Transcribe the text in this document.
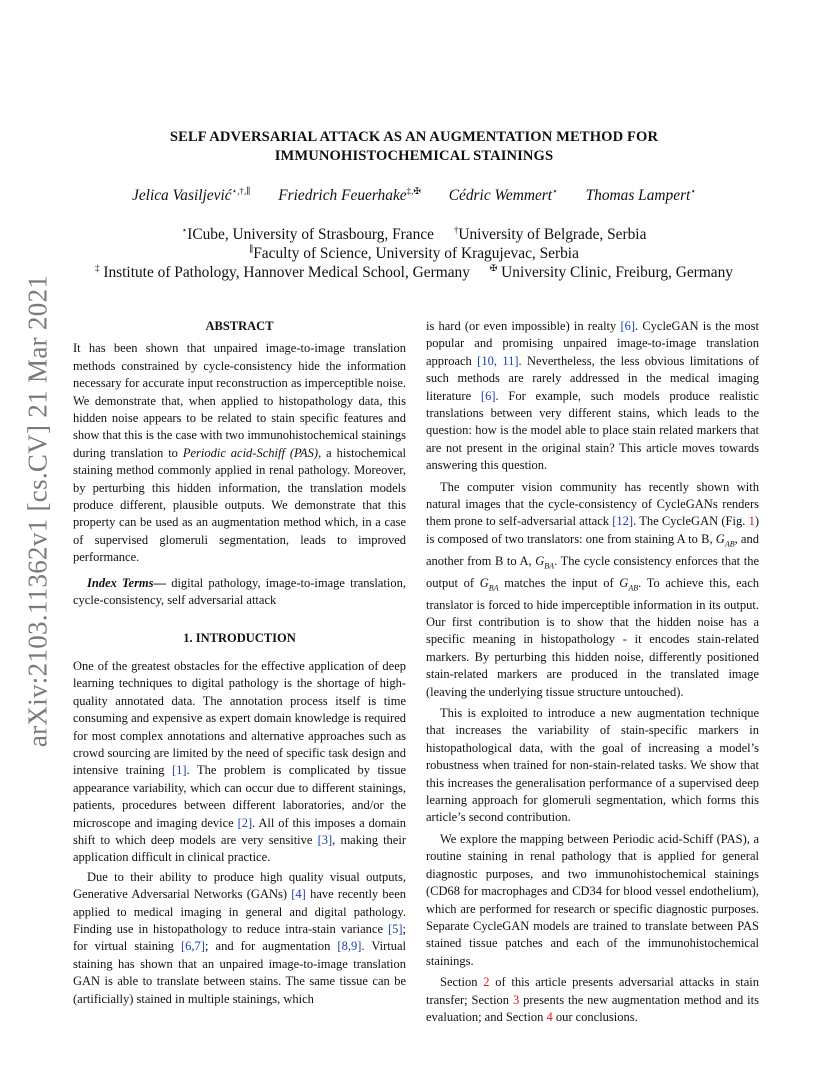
SELF ADVERSARIAL ATTACK AS AN AUGMENTATION METHOD FOR
IMMUNOHISTOCHEMICAL STAININGS
Jelica Vasiljević⋆,†,∥ Friedrich Feuerhake‡,✠ Cédric Wemmert⋆ Thomas Lampert⋆
⋆ICube, University of Strasbourg, France †University of Belgrade, Serbia
∥Faculty of Science, University of Kragujevac, Serbia
‡ Institute of Pathology, Hannover Medical School, Germany ✠ University Clinic, Freiburg, Germany
arXiv:2103.11362v1 [cs.CV] 21 Mar 2021	ABSTRACT

It has been shown that unpaired image-to-image translation methods constrained by cycle-consistency hide the information necessary for accurate input reconstruction as imperceptible noise. We demonstrate that, when applied to histopathology data, this hidden noise appears to be related to stain specific features and show that this is the case with two immunohistochemical stainings during translation to Periodic acid-Schiff (PAS), a histochemical staining method commonly applied in renal pathology. Moreover, by perturbing this hidden information, the translation models produce different, plausible outputs. We demonstrate that this property can be used as an augmentation method which, in a case of supervised glomeruli segmentation, leads to improved performance.

Index Terms— digital pathology, image-to-image translation, cycle-consistency, self adversarial attack

1. INTRODUCTION

One of the greatest obstacles for the effective application of deep learning techniques to digital pathology is the shortage of high-quality annotated data. The annotation process itself is time consuming and expensive as expert domain knowledge is required for most complex annotations and alternative approaches such as crowd sourcing are limited by the need of specific task design and intensive training [1]. The problem is complicated by tissue appearance variability, which can occur due to different stainings, patients, procedures between different laboratories, and/or the microscope and imaging device [2]. All of this imposes a domain shift to which deep models are very sensitive [3], making their application difficult in clinical practice.

Due to their ability to produce high quality visual outputs, Generative Adversarial Networks (GANs) [4] have recently been applied to medical imaging in general and digital pathology. Finding use in histopathology to reduce intra-stain variance [5]; for virtual staining [6,7]; and for augmentation [8,9]. Virtual staining has shown that an unpaired image-to-image translation GAN is able to translate between stains. The same tissue can be (artificially) stained in multiple stainings, which

is hard (or even impossible) in realty [6]. CycleGAN is the most popular and promising unpaired image-to-image translation approach [10, 11]. Nevertheless, the less obvious limitations of such methods are rarely addressed in the medical imaging literature [6]. For example, such models produce realistic translations between very different stains, which leads to the question: how is the model able to place stain related markers that are not present in the original stain? This article moves towards answering this question.

The computer vision community has recently shown with natural images that the cycle-consistency of CycleGANs renders them prone to self-adversarial attack [12]. The CycleGAN (Fig. 1) is composed of two translators: one from staining A to B, $G_{AB}$, and another from B to A, $G_{BA}$. The cycle consistency enforces that the output of $G_{BA}$ matches the input of $G_{AB}$. To achieve this, each translator is forced to hide imperceptible information in its output. Our first contribution is to show that the hidden noise has a specific meaning in histopathology - it encodes stain-related markers. By perturbing this hidden noise, differently positioned stain-related markers are produced in the translated image (leaving the underlying tissue structure untouched).

This is exploited to introduce a new augmentation technique that increases the variability of stain-specific markers in histopathological data, with the goal of increasing a model’s robustness when trained for non-stain-related tasks. We show that this increases the generalisation performance of a supervised deep learning approach for glomeruli segmentation, which forms this article’s second contribution.

We explore the mapping between Periodic acid-Schiff (PAS), a routine staining in renal pathology that is applied for general diagnostic purposes, and two immunohistochemical stainings (CD68 for macrophages and CD34 for blood vessel endothelium), which are performed for research or specific diagnostic purposes. Separate CycleGAN models are trained to translate between PAS stained tissue patches and each of the immunohistochemical stainings.

Section 2 of this article presents adversarial attacks in stain transfer; Section 3 presents the new augmentation method and its evaluation; and Section 4 our conclusions.
